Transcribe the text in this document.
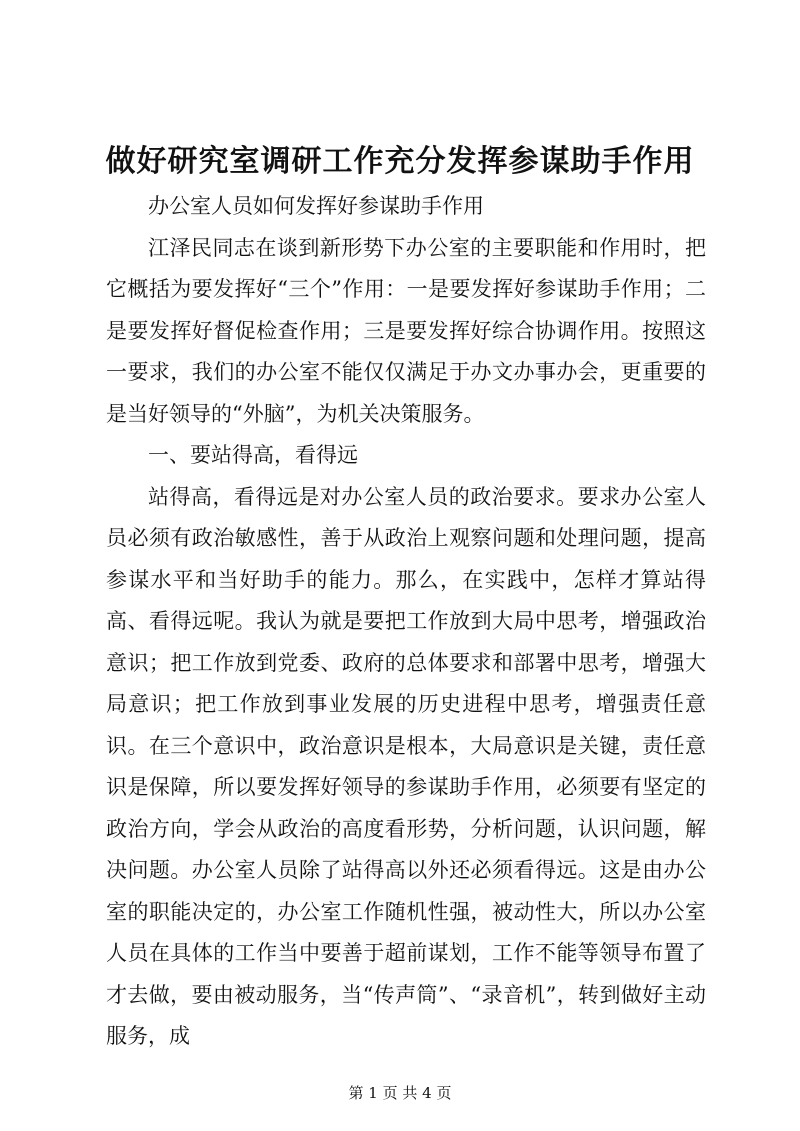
做好研究室调研工作充分发挥参谋助手作用

办公室人员如何发挥好参谋助手作用

江泽民同志在谈到新形势下办公室的主要职能和作用时，把它概括为要发挥好“三个”作用：一是要发挥好参谋助手作用；二是要发挥好督促检查作用；三是要发挥好综合协调作用。按照这一要求，我们的办公室不能仅仅满足于办文办事办会，更重要的是当好领导的“外脑”，为机关决策服务。

一、要站得高，看得远

站得高，看得远是对办公室人员的政治要求。要求办公室人员必须有政治敏感性，善于从政治上观察问题和处理问题，提高参谋水平和当好助手的能力。那么，在实践中，怎样才算站得高、看得远呢。我认为就是要把工作放到大局中思考，增强政治意识；把工作放到党委、政府的总体要求和部署中思考，增强大局意识；把工作放到事业发展的历史进程中思考，增强责任意识。在三个意识中，政治意识是根本，大局意识是关键，责任意识是保障，所以要发挥好领导的参谋助手作用，必须要有坚定的政治方向，学会从政治的高度看形势，分析问题，认识问题，解决问题。办公室人员除了站得高以外还必须看得远。这是由办公室的职能决定的，办公室工作随机性强，被动性大，所以办公室人员在具体的工作当中要善于超前谋划，工作不能等领导布置了才去做，要由被动服务，当“传声筒”、“录音机”，转到做好主动服务，成

第 1 页 共 4 页
